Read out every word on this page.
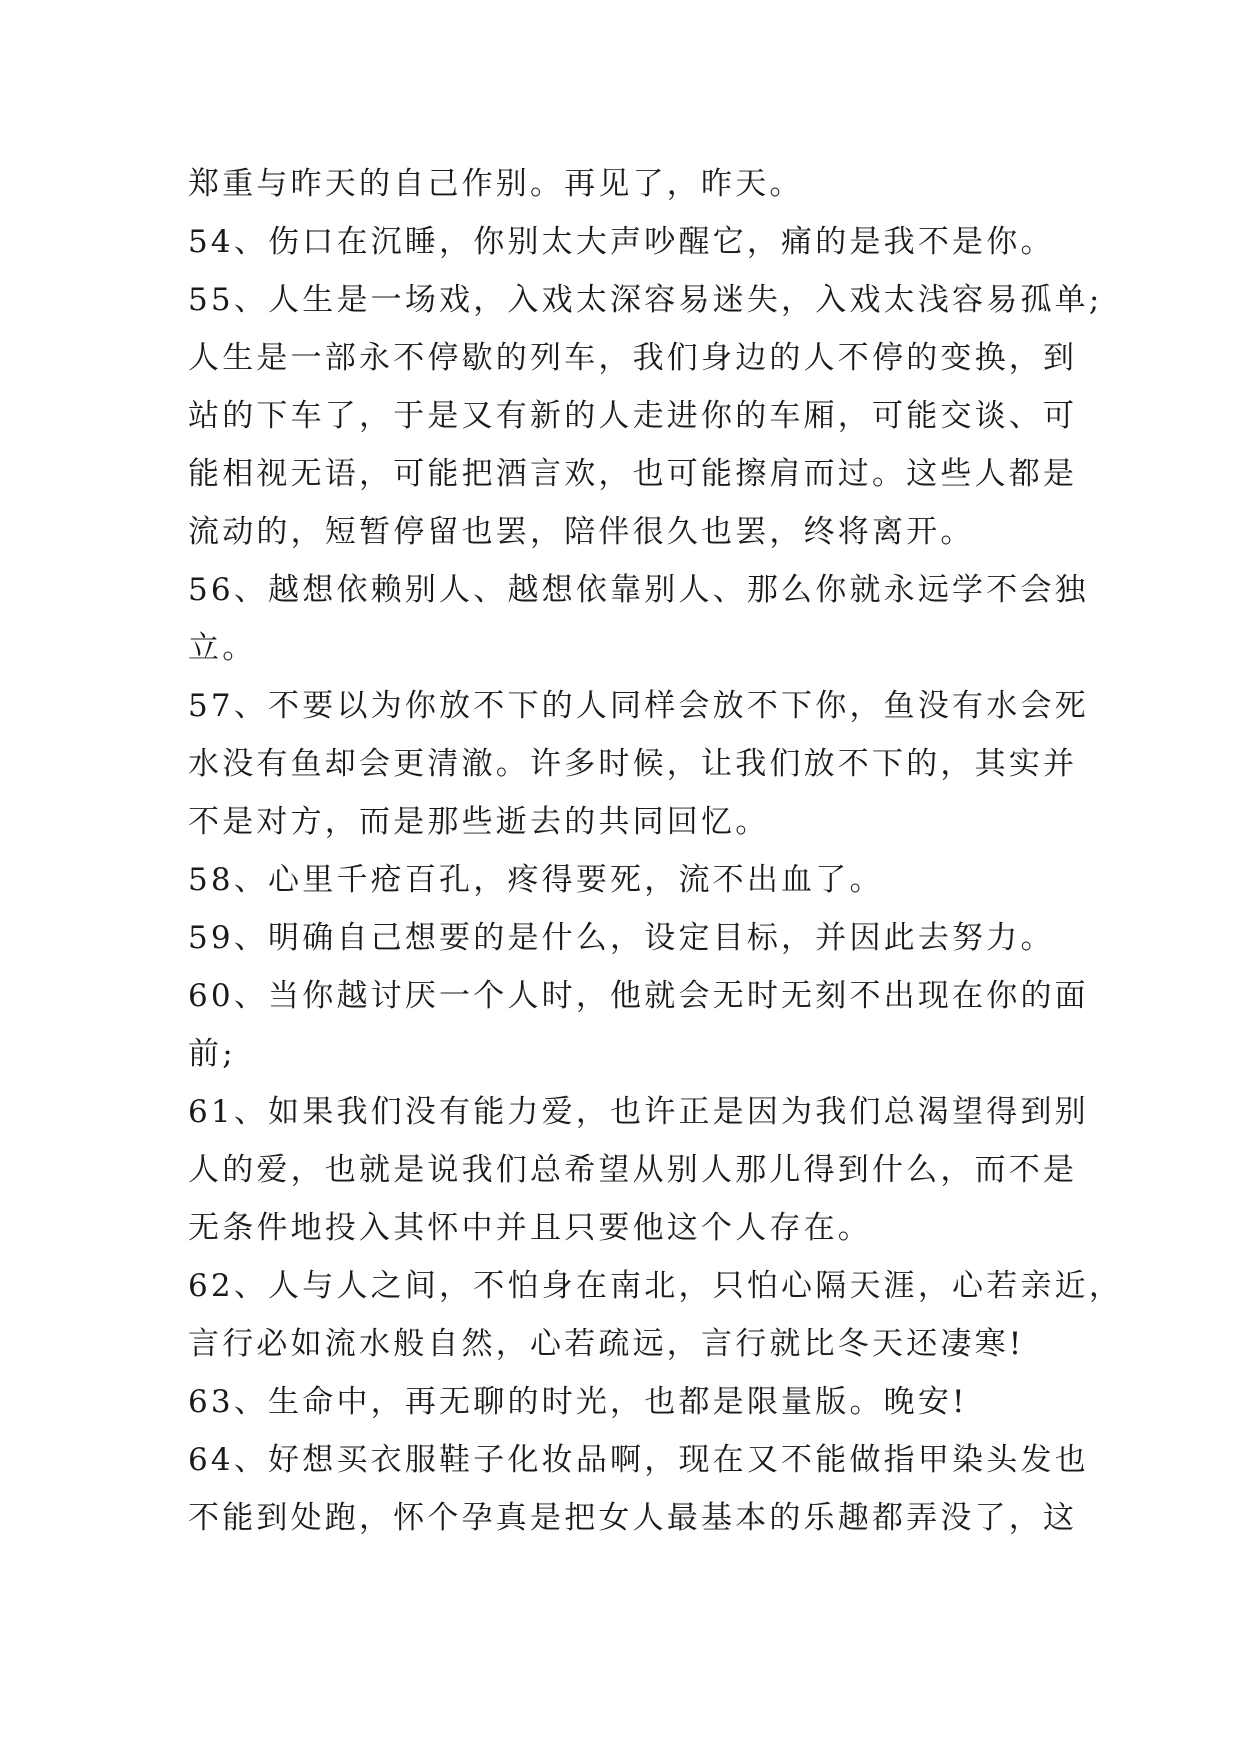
郑重与昨天的自己作别。再见了，昨天。
54、伤口在沉睡，你别太大声吵醒它，痛的是我不是你。
55、人生是一场戏，入戏太深容易迷失，入戏太浅容易孤单;
人生是一部永不停歇的列车，我们身边的人不停的变换，到
站的下车了，于是又有新的人走进你的车厢，可能交谈、可
能相视无语，可能把酒言欢，也可能擦肩而过。这些人都是
流动的，短暂停留也罢，陪伴很久也罢，终将离开。
56、越想依赖别人、越想依靠别人、那么你就永远学不会独
立。
57、不要以为你放不下的人同样会放不下你，鱼没有水会死
水没有鱼却会更清澈。许多时候，让我们放不下的，其实并
不是对方，而是那些逝去的共同回忆。
58、心里千疮百孔，疼得要死，流不出血了。
59、明确自己想要的是什么，设定目标，并因此去努力。
60、当你越讨厌一个人时，他就会无时无刻不出现在你的面
前;
61、如果我们没有能力爱，也许正是因为我们总渴望得到别
人的爱，也就是说我们总希望从别人那儿得到什么，而不是
无条件地投入其怀中并且只要他这个人存在。
62、人与人之间，不怕身在南北，只怕心隔天涯，心若亲近，
言行必如流水般自然，心若疏远，言行就比冬天还凄寒!
63、生命中，再无聊的时光，也都是限量版。晚安!
64、好想买衣服鞋子化妆品啊，现在又不能做指甲染头发也
不能到处跑，怀个孕真是把女人最基本的乐趣都弄没了，这
